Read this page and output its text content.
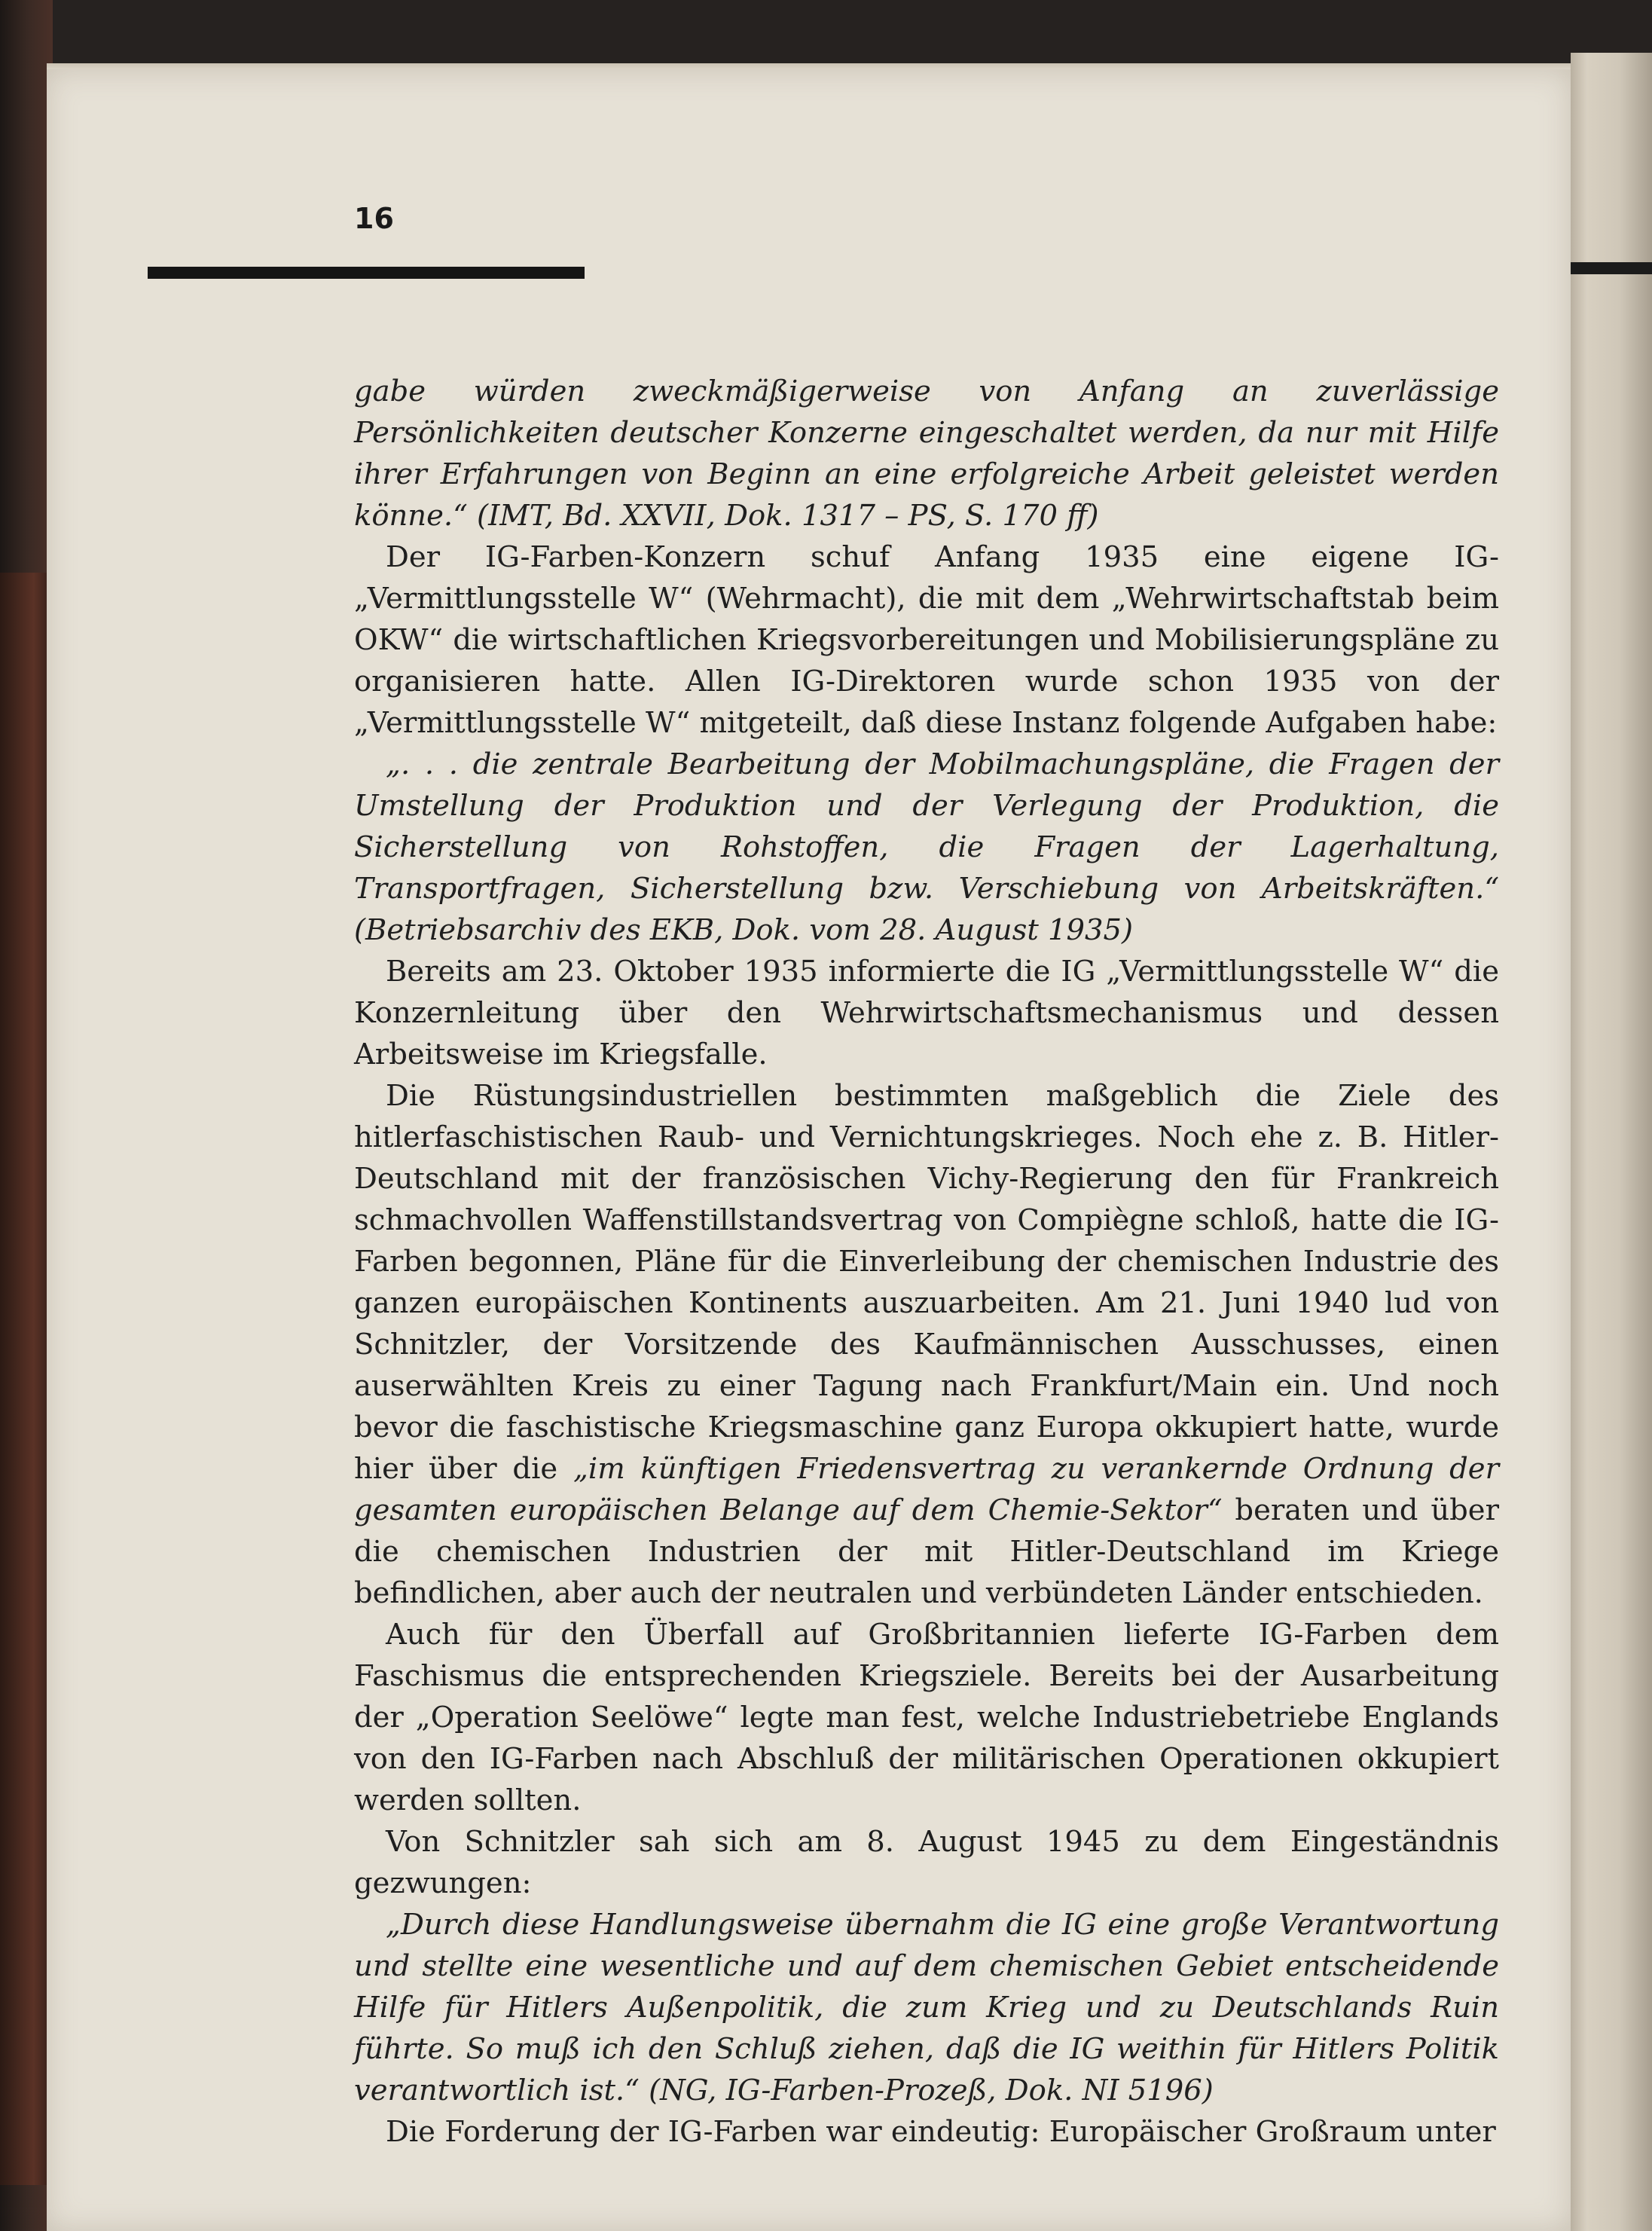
16

gabe würden zweckmäßigerweise von Anfang an zuverlässige Persönlichkeiten deutscher Konzerne eingeschaltet werden, da nur mit Hilfe ihrer Erfahrungen von Beginn an eine erfolgreiche Arbeit geleistet werden könne.“ (IMT, Bd. XXVII, Dok. 1317 – PS, S. 170 ff)

Der IG-Farben-Konzern schuf Anfang 1935 eine eigene IG-„Vermittlungsstelle W“ (Wehrmacht), die mit dem „Wehrwirtschaftstab beim OKW“ die wirtschaftlichen Kriegsvorbereitungen und Mobilisierungspläne zu organisieren hatte. Allen IG-Direktoren wurde schon 1935 von der „Vermittlungsstelle W“ mitgeteilt, daß diese Instanz folgende Aufgaben habe:

„. . . die zentrale Bearbeitung der Mobilmachungspläne, die Fragen der Umstellung der Produktion und der Verlegung der Produktion, die Sicherstellung von Rohstoffen, die Fragen der Lagerhaltung, Transportfragen, Sicherstellung bzw. Verschiebung von Arbeitskräften.“ (Betriebsarchiv des EKB, Dok. vom 28. August 1935)

Bereits am 23. Oktober 1935 informierte die IG „Vermittlungsstelle W“ die Konzernleitung über den Wehrwirtschaftsmechanismus und dessen Arbeitsweise im Kriegsfalle.

Die Rüstungsindustriellen bestimmten maßgeblich die Ziele des hitlerfaschistischen Raub- und Vernichtungskrieges. Noch ehe z. B. Hitler-Deutschland mit der französischen Vichy-Regierung den für Frankreich schmachvollen Waffenstillstandsvertrag von Compiègne schloß, hatte die IG-Farben begonnen, Pläne für die Einverleibung der chemischen Industrie des ganzen europäischen Kontinents auszuarbeiten. Am 21. Juni 1940 lud von Schnitzler, der Vorsitzende des Kaufmännischen Ausschusses, einen auserwählten Kreis zu einer Tagung nach Frankfurt/Main ein. Und noch bevor die faschistische Kriegsmaschine ganz Europa okkupiert hatte, wurde hier über die „im künftigen Friedensvertrag zu verankernde Ordnung der gesamten europäischen Belange auf dem Chemie-Sektor“ beraten und über die chemischen Industrien der mit Hitler-Deutschland im Kriege befindlichen, aber auch der neutralen und verbündeten Länder entschieden.

Auch für den Überfall auf Großbritannien lieferte IG-Farben dem Faschismus die entsprechenden Kriegsziele. Bereits bei der Ausarbeitung der „Operation Seelöwe“ legte man fest, welche Industriebetriebe Englands von den IG-Farben nach Abschluß der militärischen Operationen okkupiert werden sollten.

Von Schnitzler sah sich am 8. August 1945 zu dem Eingeständnis gezwungen:

„Durch diese Handlungsweise übernahm die IG eine große Verantwortung und stellte eine wesentliche und auf dem chemischen Gebiet entscheidende Hilfe für Hitlers Außenpolitik, die zum Krieg und zu Deutschlands Ruin führte. So muß ich den Schluß ziehen, daß die IG weithin für Hitlers Politik verantwortlich ist.“ (NG, IG-Farben-Prozeß, Dok. NI 5196)

Die Forderung der IG-Farben war eindeutig: Europäischer Großraum unter
